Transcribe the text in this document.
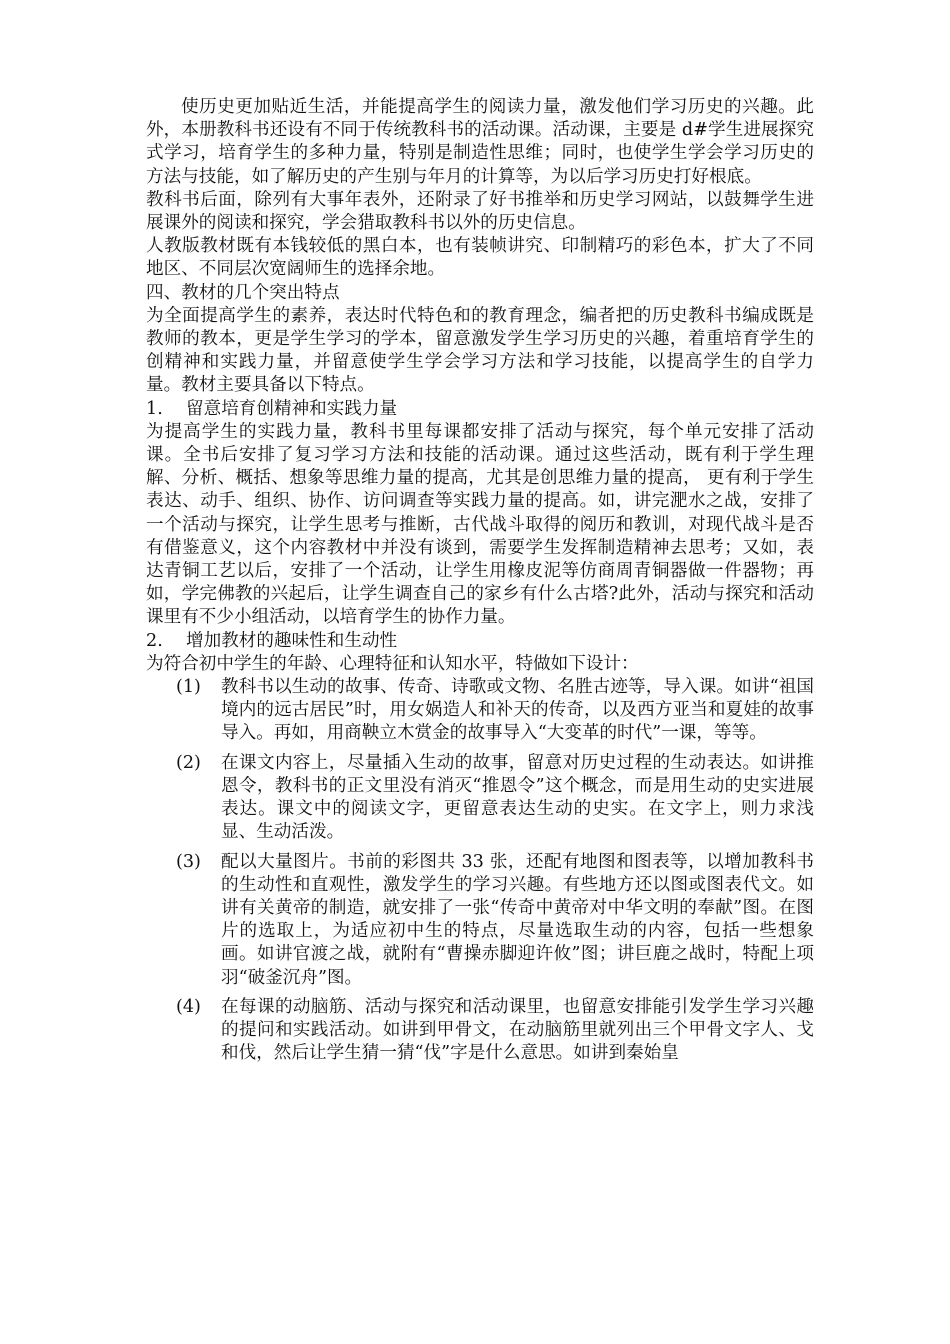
使历史更加贴近生活，并能提高学生的阅读力量，激发他们学习历史的兴趣。此外，本册教科书还设有不同于传统教科书的活动课。活动课，主要是 d#学生进展探究式学习，培育学生的多种力量，特别是制造性思维；同时，也使学生学会学习历史的方法与技能，如了解历史的产生别与年月的计算等，为以后学习历史打好根底。

教科书后面，除列有大事年表外，还附录了好书推举和历史学习网站，以鼓舞学生进展课外的阅读和探究，学会猎取教科书以外的历史信息。

人教版教材既有本钱较低的黑白本，也有装帧讲究、印制精巧的彩色本，扩大了不同地区、不同层次宽阔师生的选择余地。

四、教材的几个突出特点

为全面提高学生的素养，表达时代特色和的教育理念，编者把的历史教科书编成既是教师的教本，更是学生学习的学本，留意激发学生学习历史的兴趣，着重培育学生的创精神和实践力量，并留意使学生学会学习方法和学习技能，以提高学生的自学力量。教材主要具备以下特点。

1.	留意培育创精神和实践力量

为提高学生的实践力量，教科书里每课都安排了活动与探究，每个单元安排了活动课。全书后安排了复习学习方法和技能的活动课。通过这些活动，既有利于学生理解、分析、概括、想象等思维力量的提高，尤其是创思维力量的提高， 更有利于学生表达、动手、组织、协作、访问调查等实践力量的提高。如，讲完淝水之战，安排了一个活动与探究，让学生思考与推断，古代战斗取得的阅历和教训，对现代战斗是否有借鉴意义，这个内容教材中并没有谈到，需要学生发挥制造精神去思考；又如，表达青铜工艺以后，安排了一个活动，让学生用橡皮泥等仿商周青铜器做一件器物；再如，学完佛教的兴起后，让学生调查自己的家乡有什么古塔?此外，活动与探究和活动课里有不少小组活动，以培育学生的协作力量。

2.	增加教材的趣味性和生动性

为符合初中学生的年龄、心理特征和认知水平，特做如下设计：

(1)	教科书以生动的故事、传奇、诗歌或文物、名胜古迹等，导入课。如讲“祖国境内的远古居民”时，用女娲造人和补天的传奇，以及西方亚当和夏娃的故事导入。再如，用商鞅立木赏金的故事导入“大变革的时代”一课，等等。
(2)	在课文内容上，尽量插入生动的故事，留意对历史过程的生动表达。如讲推恩令，教科书的正文里没有消灭“推恩令”这个概念，而是用生动的史实进展表达。课文中的阅读文字，更留意表达生动的史实。在文字上，则力求浅显、生动活泼。
(3)	配以大量图片。书前的彩图共 33 张，还配有地图和图表等，以增加教科书的生动性和直观性，激发学生的学习兴趣。有些地方还以图或图表代文。如讲有关黄帝的制造，就安排了一张“传奇中黄帝对中华文明的奉献”图。在图片的选取上，为适应初中生的特点，尽量选取生动的内容，包括一些想象画。如讲官渡之战，就附有“曹操赤脚迎许攸”图；讲巨鹿之战时，特配上项羽“破釜沉舟”图。
(4)	在每课的动脑筋、活动与探究和活动课里，也留意安排能引发学生学习兴趣的提问和实践活动。如讲到甲骨文，在动脑筋里就列出三个甲骨文字人、戈和伐，然后让学生猜一猜“伐”字是什么意思。如讲到秦始皇
